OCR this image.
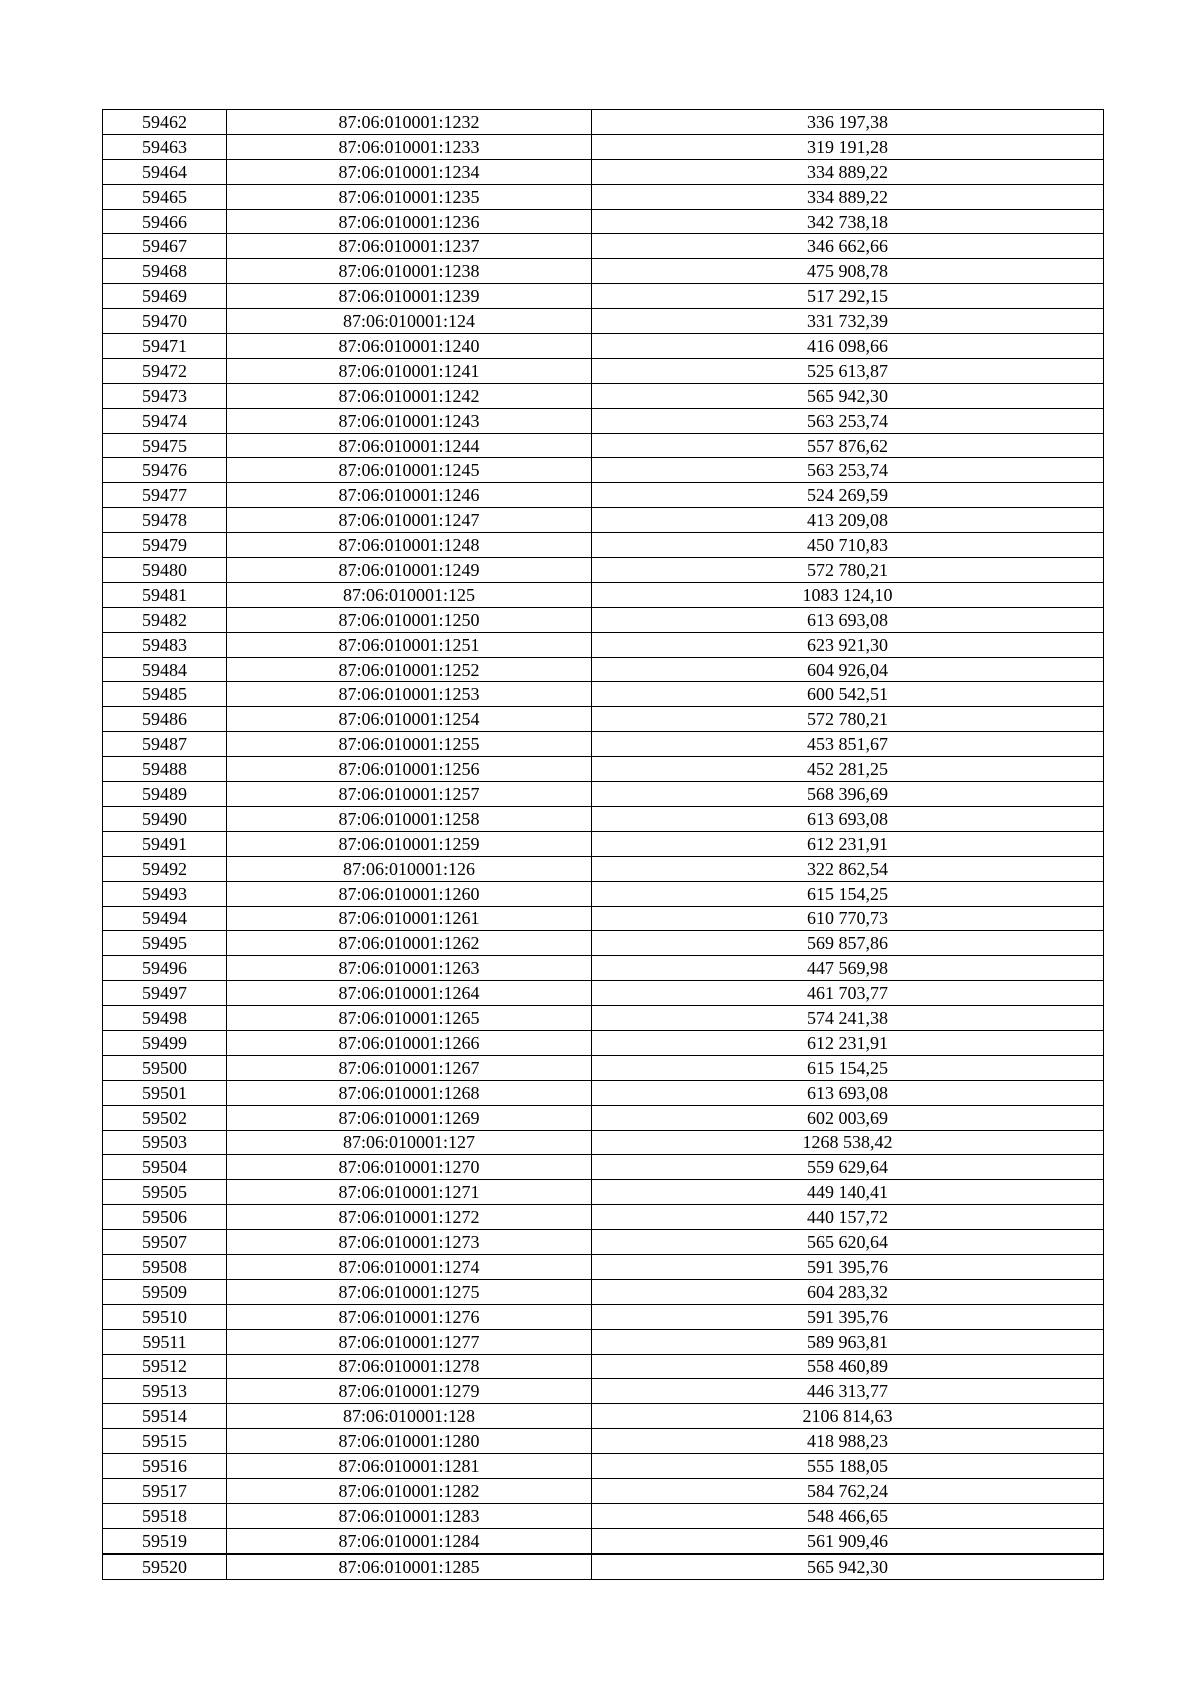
59462	87:06:010001:1232	336 197,38
59463	87:06:010001:1233	319 191,28
59464	87:06:010001:1234	334 889,22
59465	87:06:010001:1235	334 889,22
59466	87:06:010001:1236	342 738,18
59467	87:06:010001:1237	346 662,66
59468	87:06:010001:1238	475 908,78
59469	87:06:010001:1239	517 292,15
59470	87:06:010001:124	331 732,39
59471	87:06:010001:1240	416 098,66
59472	87:06:010001:1241	525 613,87
59473	87:06:010001:1242	565 942,30
59474	87:06:010001:1243	563 253,74
59475	87:06:010001:1244	557 876,62
59476	87:06:010001:1245	563 253,74
59477	87:06:010001:1246	524 269,59
59478	87:06:010001:1247	413 209,08
59479	87:06:010001:1248	450 710,83
59480	87:06:010001:1249	572 780,21
59481	87:06:010001:125	1083 124,10
59482	87:06:010001:1250	613 693,08
59483	87:06:010001:1251	623 921,30
59484	87:06:010001:1252	604 926,04
59485	87:06:010001:1253	600 542,51
59486	87:06:010001:1254	572 780,21
59487	87:06:010001:1255	453 851,67
59488	87:06:010001:1256	452 281,25
59489	87:06:010001:1257	568 396,69
59490	87:06:010001:1258	613 693,08
59491	87:06:010001:1259	612 231,91
59492	87:06:010001:126	322 862,54
59493	87:06:010001:1260	615 154,25
59494	87:06:010001:1261	610 770,73
59495	87:06:010001:1262	569 857,86
59496	87:06:010001:1263	447 569,98
59497	87:06:010001:1264	461 703,77
59498	87:06:010001:1265	574 241,38
59499	87:06:010001:1266	612 231,91
59500	87:06:010001:1267	615 154,25
59501	87:06:010001:1268	613 693,08
59502	87:06:010001:1269	602 003,69
59503	87:06:010001:127	1268 538,42
59504	87:06:010001:1270	559 629,64
59505	87:06:010001:1271	449 140,41
59506	87:06:010001:1272	440 157,72
59507	87:06:010001:1273	565 620,64
59508	87:06:010001:1274	591 395,76
59509	87:06:010001:1275	604 283,32
59510	87:06:010001:1276	591 395,76
59511	87:06:010001:1277	589 963,81
59512	87:06:010001:1278	558 460,89
59513	87:06:010001:1279	446 313,77
59514	87:06:010001:128	2106 814,63
59515	87:06:010001:1280	418 988,23
59516	87:06:010001:1281	555 188,05
59517	87:06:010001:1282	584 762,24
59518	87:06:010001:1283	548 466,65
59519	87:06:010001:1284	561 909,46
59520	87:06:010001:1285	565 942,30
